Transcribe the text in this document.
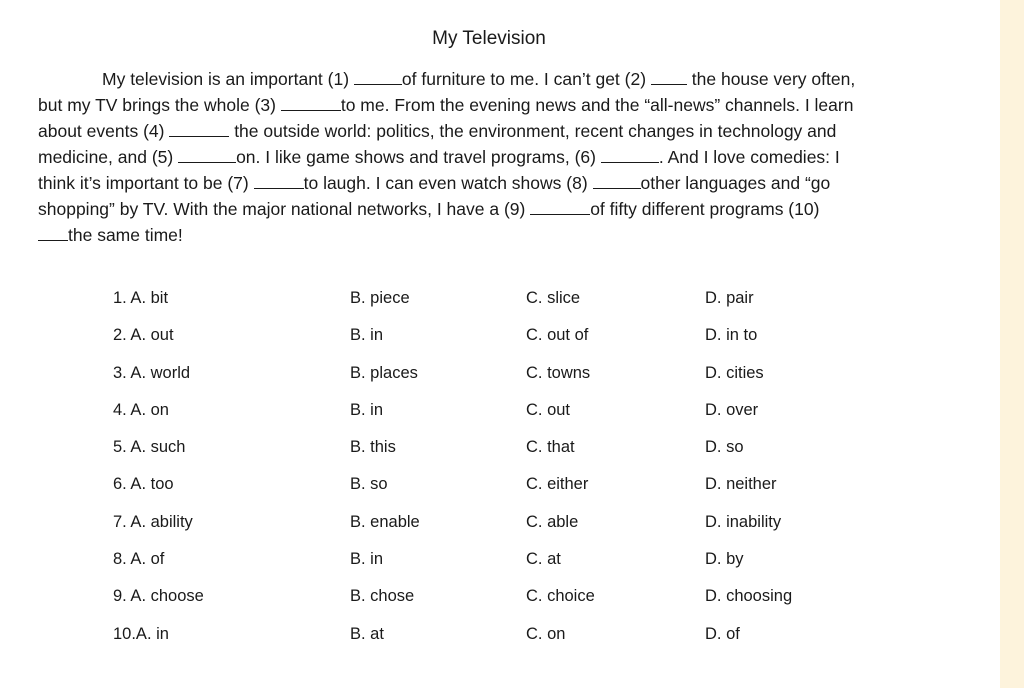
My Television
My television is an important (1)	of furniture to me. I can’t get (2)  the house very often,
but my TV brings the whole (3)	to me. From the evening news and the “all-news” channels. I learn
about events (4)	the outside world: politics, the environment, recent changes in technology and
medicine, and (5)	on. I like game shows and travel programs, (6)	. And I love comedies: I
think it’s important to be (7)	to laugh. I can even watch shows (8)	other languages and “go
shopping” by TV. With the major national networks, I have a (9)	of fifty different programs (10)
the same time!
1. A. bit	B. piece	C. slice	D. pair
2. A. out	B. in	C. out of	D. in to
3. A. world	B. places	C. towns	D. cities
4. A. on	B. in	C. out	D. over
5. A. such	B. this	C. that	D. so
6. A. too	B. so	C. either	D. neither
7. A. ability	B. enable	C. able	D. inability
8. A. of	B. in	C. at	D. by
9. A. choose	B. chose	C. choice	D. choosing
10.A. in	B. at	C. on	D. of
